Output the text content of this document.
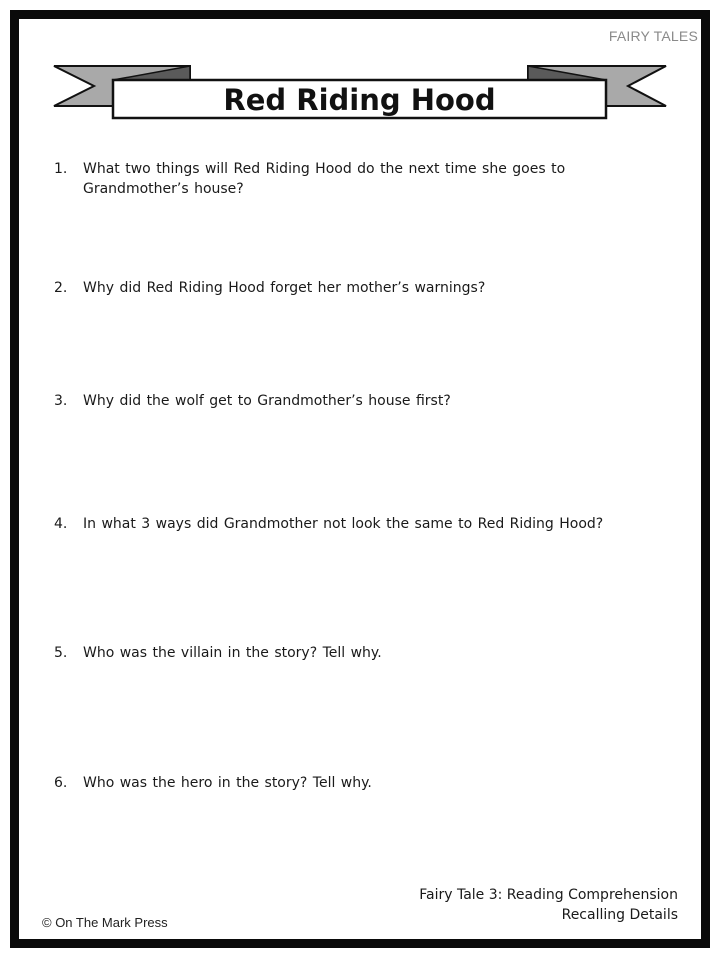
FAIRY TALES
Red Riding Hood
1.	What two things will Red Riding Hood do the next time she goes to Grandmother’s house?
2.	Why did Red Riding Hood forget her mother’s warnings?
3.	Why did the wolf get to Grandmother’s house first?
4.	In what 3 ways did Grandmother not look the same to Red Riding Hood?
5.	Who was the villain in the story? Tell why.
6.	Who was the hero in the story? Tell why.
Fairy Tale 3: Reading Comprehension
Recalling Details
© On The Mark Press
